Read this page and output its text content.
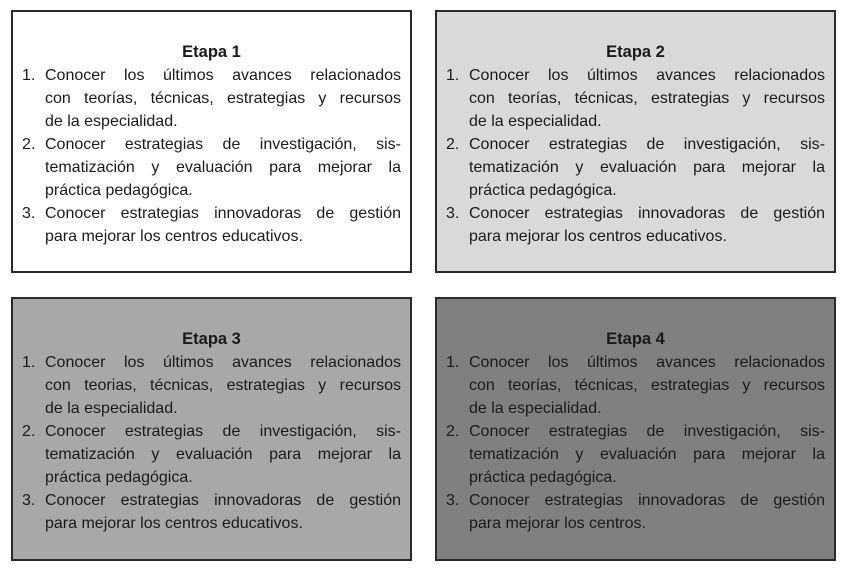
Etapa 1
1. Conocer los últimos avances relacionados
con teorías, técnicas, estrategias y recursos
de la especialidad.
2. Conocer estrategias de investigación, sis-
tematización y evaluación para mejorar la
práctica pedagógica.
3. Conocer estrategias innovadoras de gestión
para mejorar los centros educativos.
Etapa 2
1. Conocer los últimos avances relacionados
con teorías, técnicas, estrategias y recursos
de la especialidad.
2. Conocer estrategias de investigación, sis-
tematización y evaluación para mejorar la
práctica pedagógica.
3. Conocer estrategias innovadoras de gestión
para mejorar los centros educativos.
Etapa 3
1. Conocer los últimos avances relacionados
con teorias, técnicas, estrategias y recursos
de la especialidad.
2. Conocer estrategias de investigación, sis-
tematización y evaluación para mejorar la
práctica pedagógica.
3. Conocer estrategias innovadoras de gestión
para mejorar los centros educativos.
Etapa 4
1. Conocer los últimos avances relacionados
con teorías, técnicas, estrategias y recursos
de la especialidad.
2. Conocer estrategias de investigación, sis-
tematización y evaluación para mejorar la
práctica pedagógica.
3. Conocer estrategias innovadoras de gestión
para mejorar los centros.
